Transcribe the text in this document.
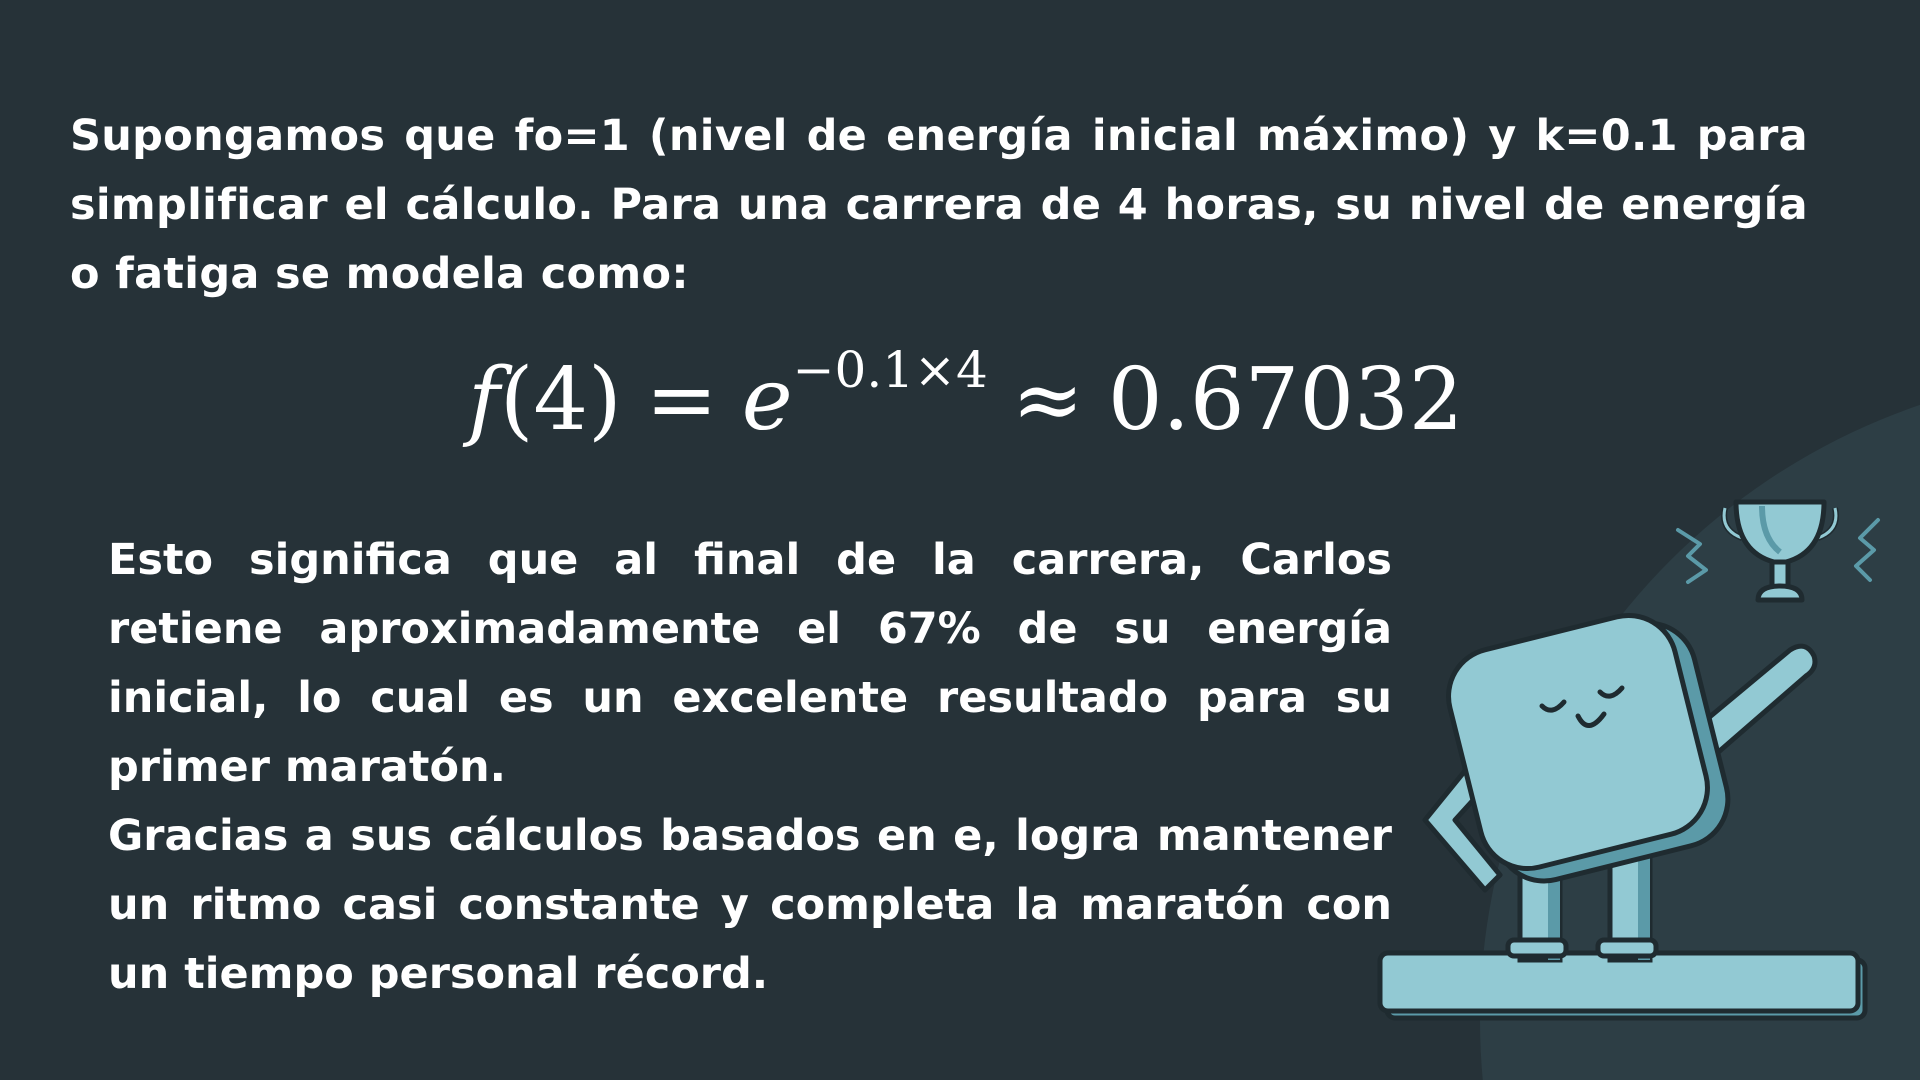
Supongamos que fo=1 (nivel de energía inicial máximo) y k=0.1 para simplificar el cálculo. Para una carrera de 4 horas, su nivel de energía o fatiga se modela como:

$f(4) = e^{-0.1\times 4} \approx 0.67032$

Esto significa que al final de la carrera, Carlos retiene aproximadamente el 67% de su energía inicial, lo cual es un excelente resultado para su primer maratón.

Gracias a sus cálculos basados en e, logra mantener un ritmo casi constante y completa la maratón con un tiempo personal récord.
